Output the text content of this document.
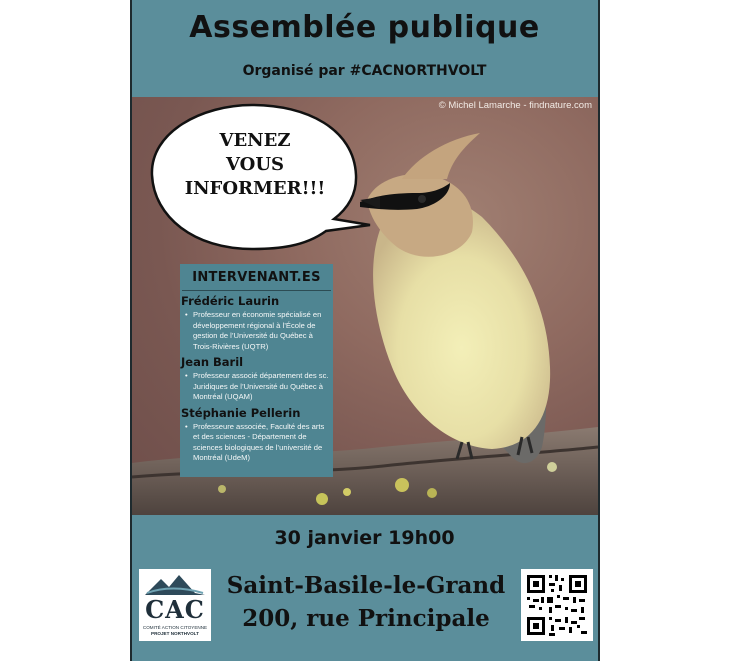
Assemblée publique
Organisé par #CACNORTHVOLT
© Michel Lamarche - findnature.com
VENEZ
VOUS
INFORMER!!!
INTERVENANT.ES
Frédéric Laurin
• Professeur en économie spécialisé en développement régional à l’École de gestion de l’Université du Québec à Trois-Rivières (UQTR)
Jean Baril
• Professeur associé département des sc. Juridiques de l’Université du Québec à Montréal (UQAM)
Stéphanie Pellerin
• Professeure associée, Faculté des arts et des sciences - Département de sciences biologiques de l’université de Montréal (UdeM)
30 janvier 19h00
CAC
COMITÉ ACTION CITOYENNE
PROJET NORTHVOLT
Saint-Basile-le-Grand
200, rue Principale
